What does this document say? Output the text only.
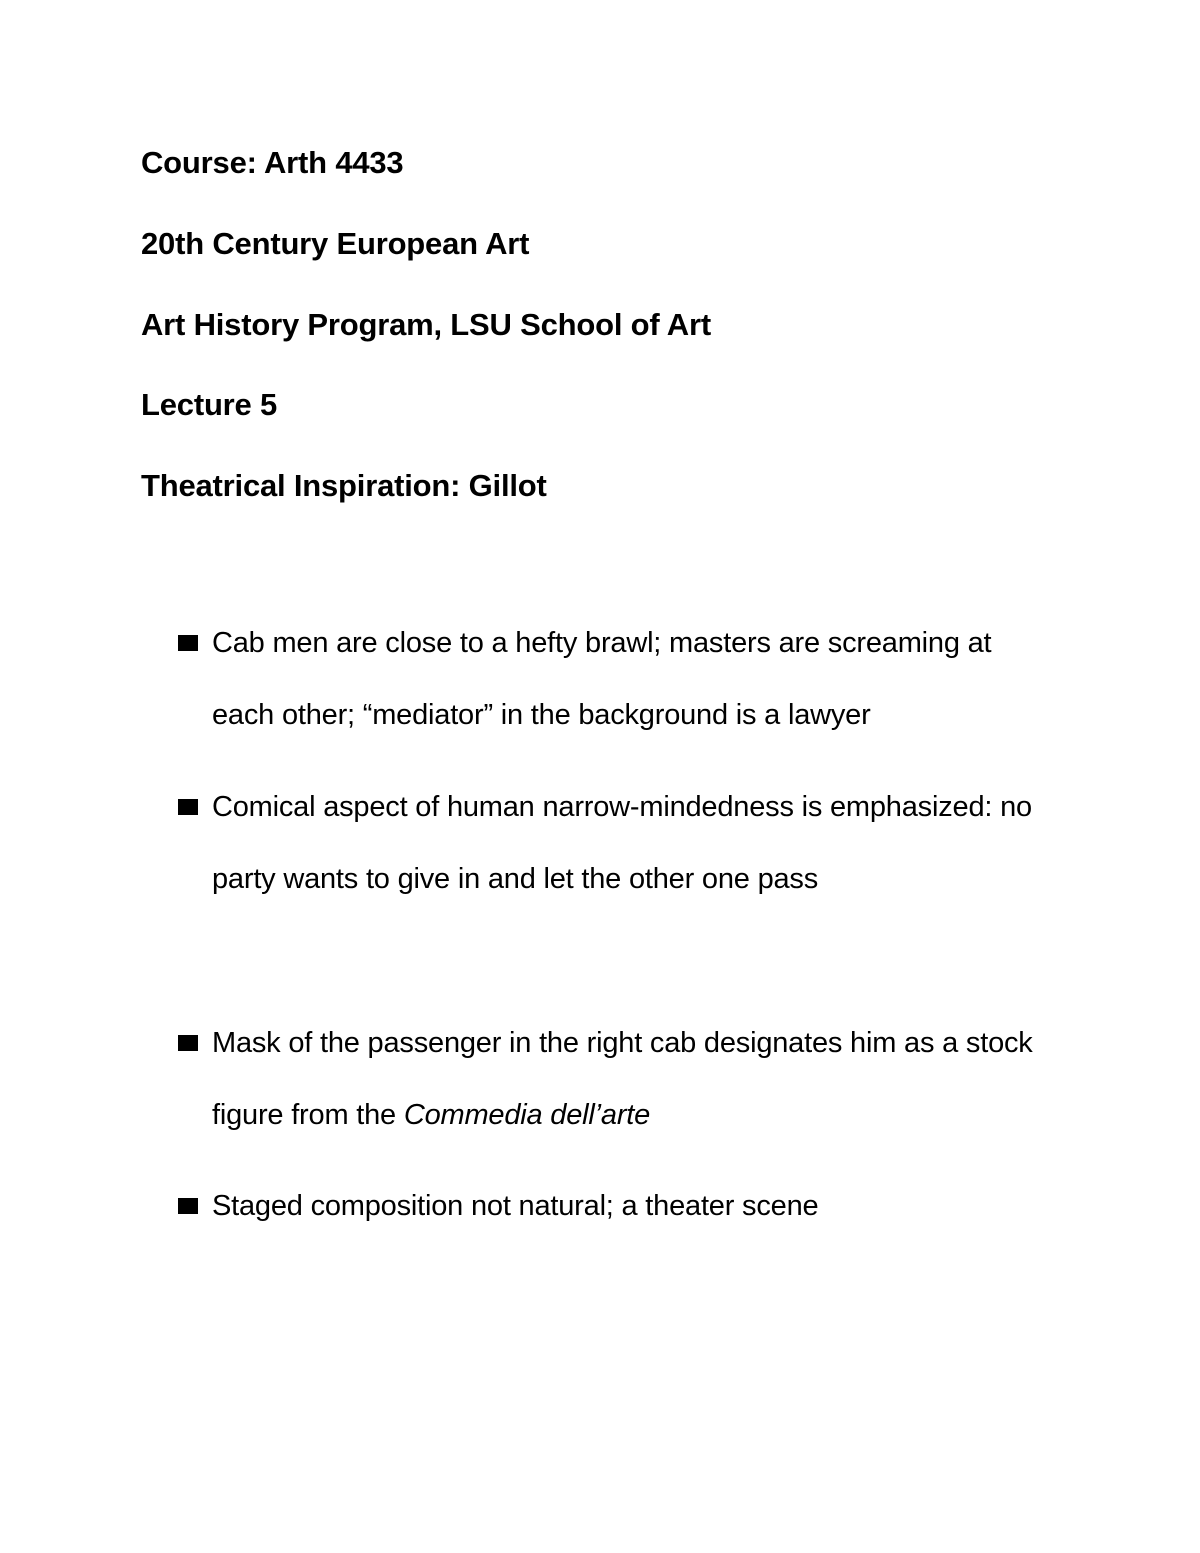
Course: Arth 4433
20th Century European Art
Art History Program, LSU School of Art
Lecture 5
Theatrical Inspiration: Gillot
Cab men are close to a hefty brawl; masters are screaming at each other; “mediator” in the background is a lawyer
Comical aspect of human narrow-mindedness is emphasized: no party wants to give in and let the other one pass
Mask of the passenger in the right cab designates him as a stock figure from the Commedia dell’arte
Staged composition not natural; a theater scene
